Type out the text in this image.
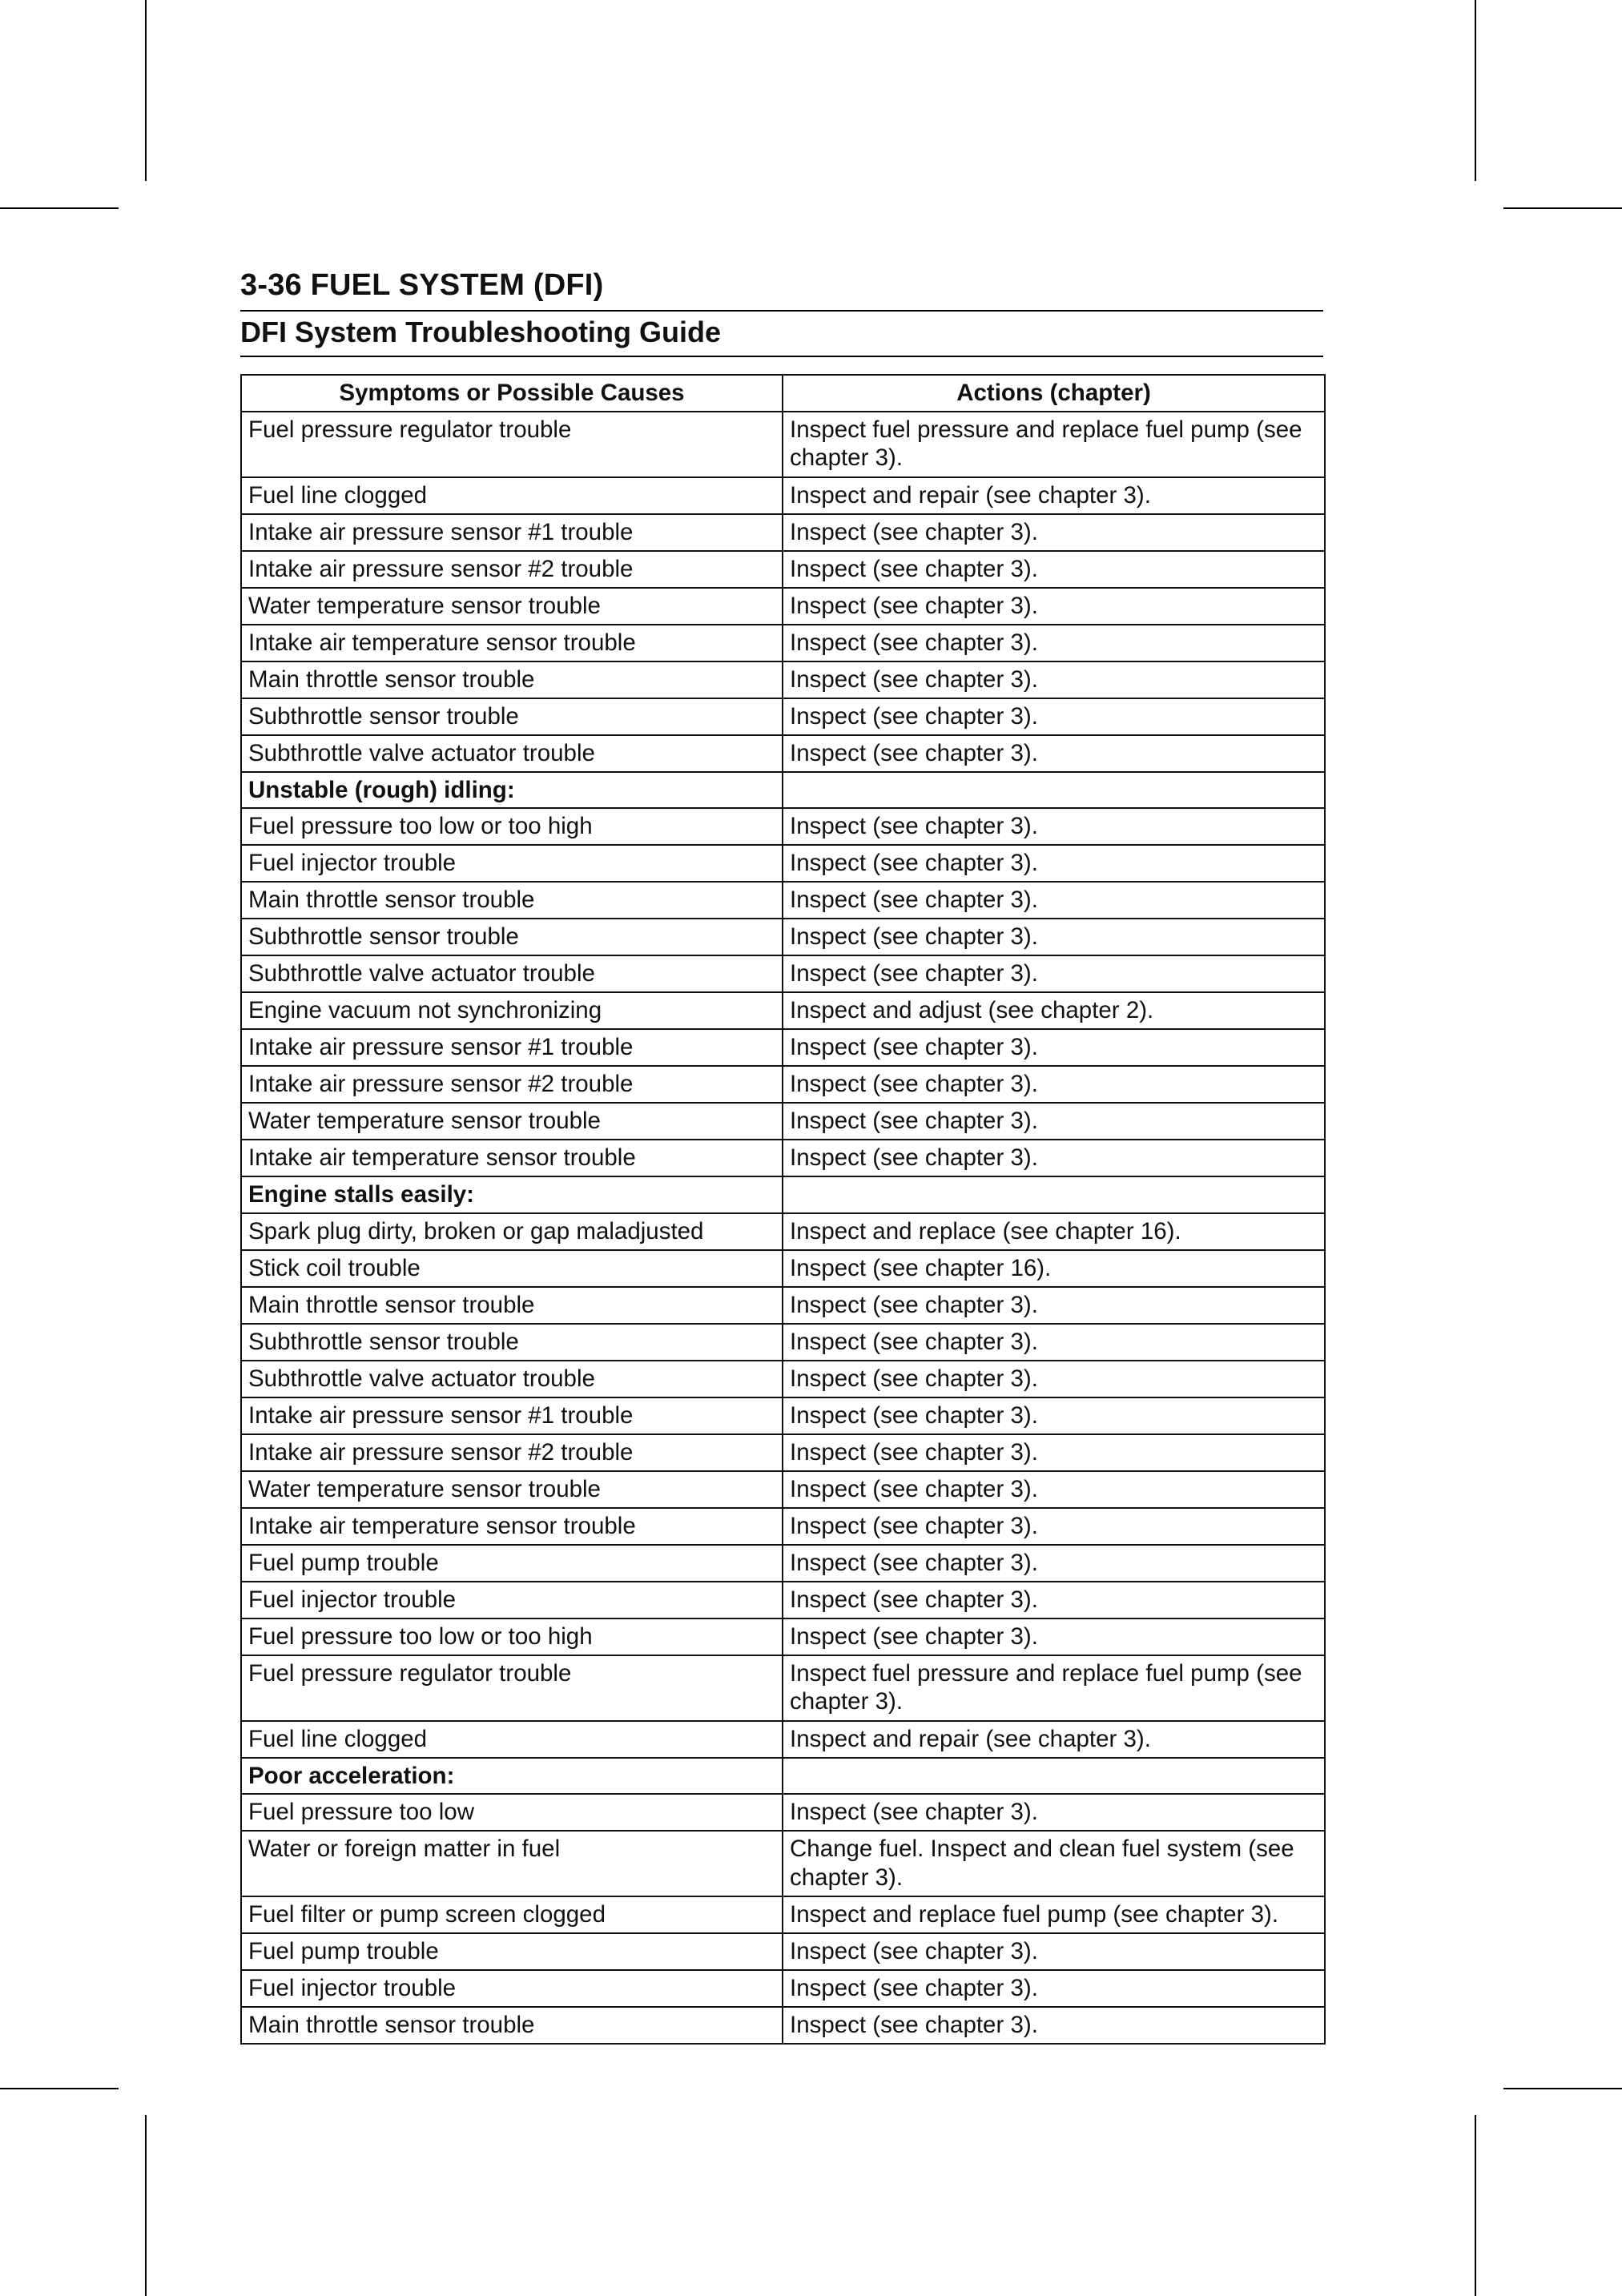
3-36 FUEL SYSTEM (DFI)
DFI System Troubleshooting Guide
Symptoms or Possible Causes	Actions (chapter)
Fuel pressure regulator trouble	Inspect fuel pressure and replace fuel pump (see chapter 3).
Fuel line clogged	Inspect and repair (see chapter 3).
Intake air pressure sensor #1 trouble	Inspect (see chapter 3).
Intake air pressure sensor #2 trouble	Inspect (see chapter 3).
Water temperature sensor trouble	Inspect (see chapter 3).
Intake air temperature sensor trouble	Inspect (see chapter 3).
Main throttle sensor trouble	Inspect (see chapter 3).
Subthrottle sensor trouble	Inspect (see chapter 3).
Subthrottle valve actuator trouble	Inspect (see chapter 3).
Unstable (rough) idling:	
Fuel pressure too low or too high	Inspect (see chapter 3).
Fuel injector trouble	Inspect (see chapter 3).
Main throttle sensor trouble	Inspect (see chapter 3).
Subthrottle sensor trouble	Inspect (see chapter 3).
Subthrottle valve actuator trouble	Inspect (see chapter 3).
Engine vacuum not synchronizing	Inspect and adjust (see chapter 2).
Intake air pressure sensor #1 trouble	Inspect (see chapter 3).
Intake air pressure sensor #2 trouble	Inspect (see chapter 3).
Water temperature sensor trouble	Inspect (see chapter 3).
Intake air temperature sensor trouble	Inspect (see chapter 3).
Engine stalls easily:	
Spark plug dirty, broken or gap maladjusted	Inspect and replace (see chapter 16).
Stick coil trouble	Inspect (see chapter 16).
Main throttle sensor trouble	Inspect (see chapter 3).
Subthrottle sensor trouble	Inspect (see chapter 3).
Subthrottle valve actuator trouble	Inspect (see chapter 3).
Intake air pressure sensor #1 trouble	Inspect (see chapter 3).
Intake air pressure sensor #2 trouble	Inspect (see chapter 3).
Water temperature sensor trouble	Inspect (see chapter 3).
Intake air temperature sensor trouble	Inspect (see chapter 3).
Fuel pump trouble	Inspect (see chapter 3).
Fuel injector trouble	Inspect (see chapter 3).
Fuel pressure too low or too high	Inspect (see chapter 3).
Fuel pressure regulator trouble	Inspect fuel pressure and replace fuel pump (see chapter 3).
Fuel line clogged	Inspect and repair (see chapter 3).
Poor acceleration:	
Fuel pressure too low	Inspect (see chapter 3).
Water or foreign matter in fuel	Change fuel. Inspect and clean fuel system (see chapter 3).
Fuel filter or pump screen clogged	Inspect and replace fuel pump (see chapter 3).
Fuel pump trouble	Inspect (see chapter 3).
Fuel injector trouble	Inspect (see chapter 3).
Main throttle sensor trouble	Inspect (see chapter 3).
